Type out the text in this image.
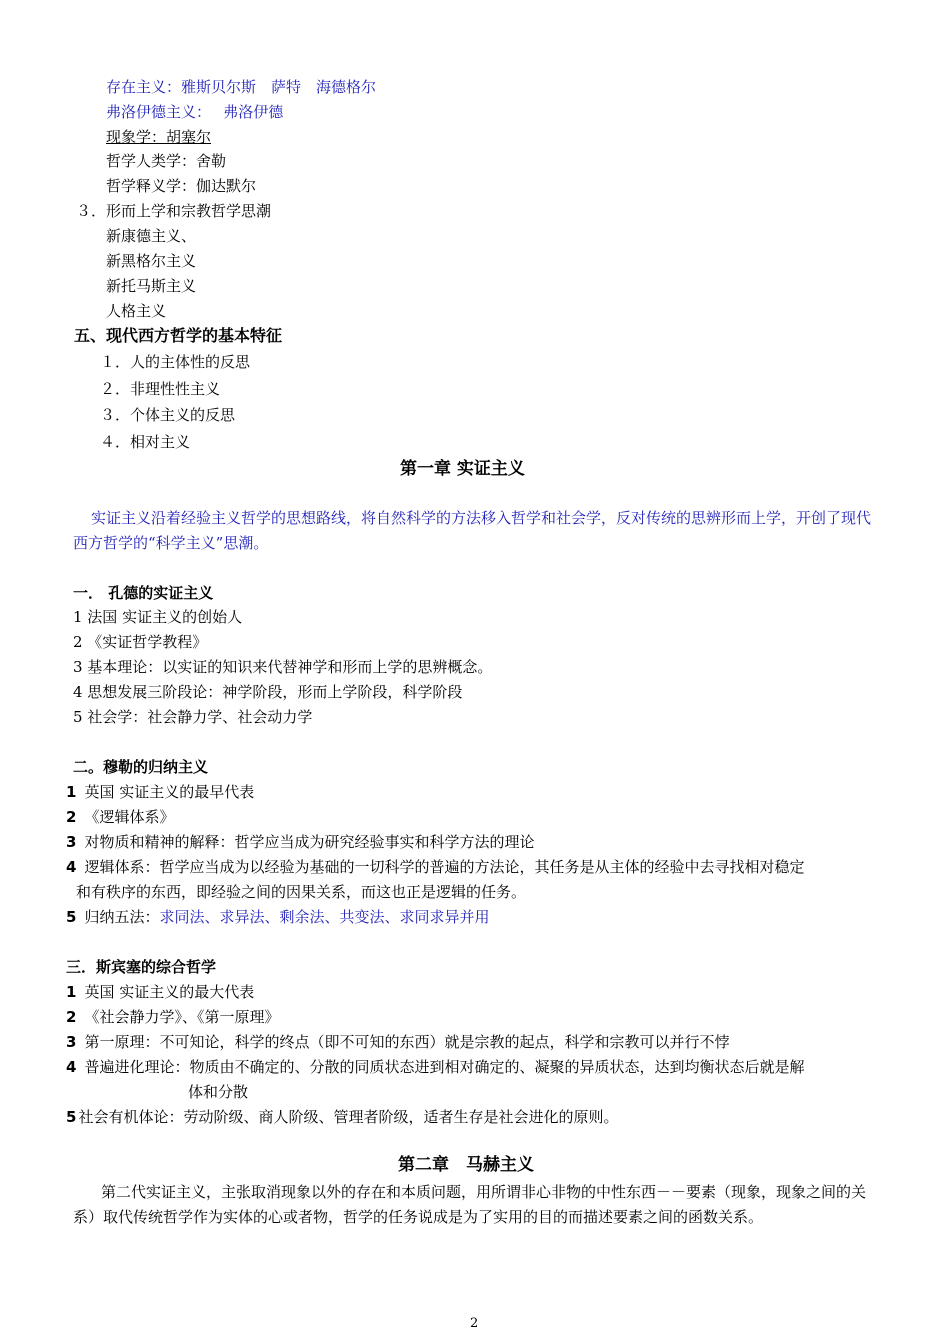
存在主义：雅斯贝尔斯　萨特　海德格尔
弗洛伊德主义：　 弗洛伊德
现象学：胡塞尔
哲学人类学：舍勒
哲学释义学：伽达默尔
３．形而上学和宗教哲学思潮
新康德主义、
新黑格尔主义
新托马斯主义
人格主义
五、现代西方哲学的基本特征
１．人的主体性的反思
２．非理性性主义
３．个体主义的反思
４．相对主义
第一章 实证主义
实证主义沿着经验主义哲学的思想路线，将自然科学的方法移入哲学和社会学，反对传统的思辨形而上学，开创了现代西方哲学的“科学主义”思潮。
一． 孔德的实证主义
1 法国 实证主义的创始人
2 《实证哲学教程》
3 基本理论：以实证的知识来代替神学和形而上学的思辨概念。
4 思想发展三阶段论：神学阶段，形而上学阶段，科学阶段
5 社会学：社会静力学、社会动力学
二。穆勒的归纳主义
1 英国 实证主义的最早代表
2 《逻辑体系》
3 对物质和精神的解释：哲学应当成为研究经验事实和科学方法的理论
4 逻辑体系：哲学应当成为以经验为基础的一切科学的普遍的方法论，其任务是从主体的经验中去寻找相对稳定
和有秩序的东西，即经验之间的因果关系，而这也正是逻辑的任务。
5 归纳五法：求同法、求异法、剩余法、共变法、求同求异并用
三．斯宾塞的综合哲学
1 英国 实证主义的最大代表
2 《社会静力学》、《第一原理》
3 第一原理：不可知论，科学的终点（即不可知的东西）就是宗教的起点，科学和宗教可以并行不悖
4 普遍进化理论：物质由不确定的、分散的同质状态进到相对确定的、凝聚的异质状态，达到均衡状态后就是解
体和分散
5 社会有机体论：劳动阶级、商人阶级、管理者阶级，适者生存是社会进化的原则。
第二章　马赫主义
第二代实证主义，主张取消现象以外的存在和本质问题，用所谓非心非物的中性东西－－要素（现象，现象之间的关系）取代传统哲学作为实体的心或者物，哲学的任务说成是为了实用的目的而描述要素之间的函数关系。
2
